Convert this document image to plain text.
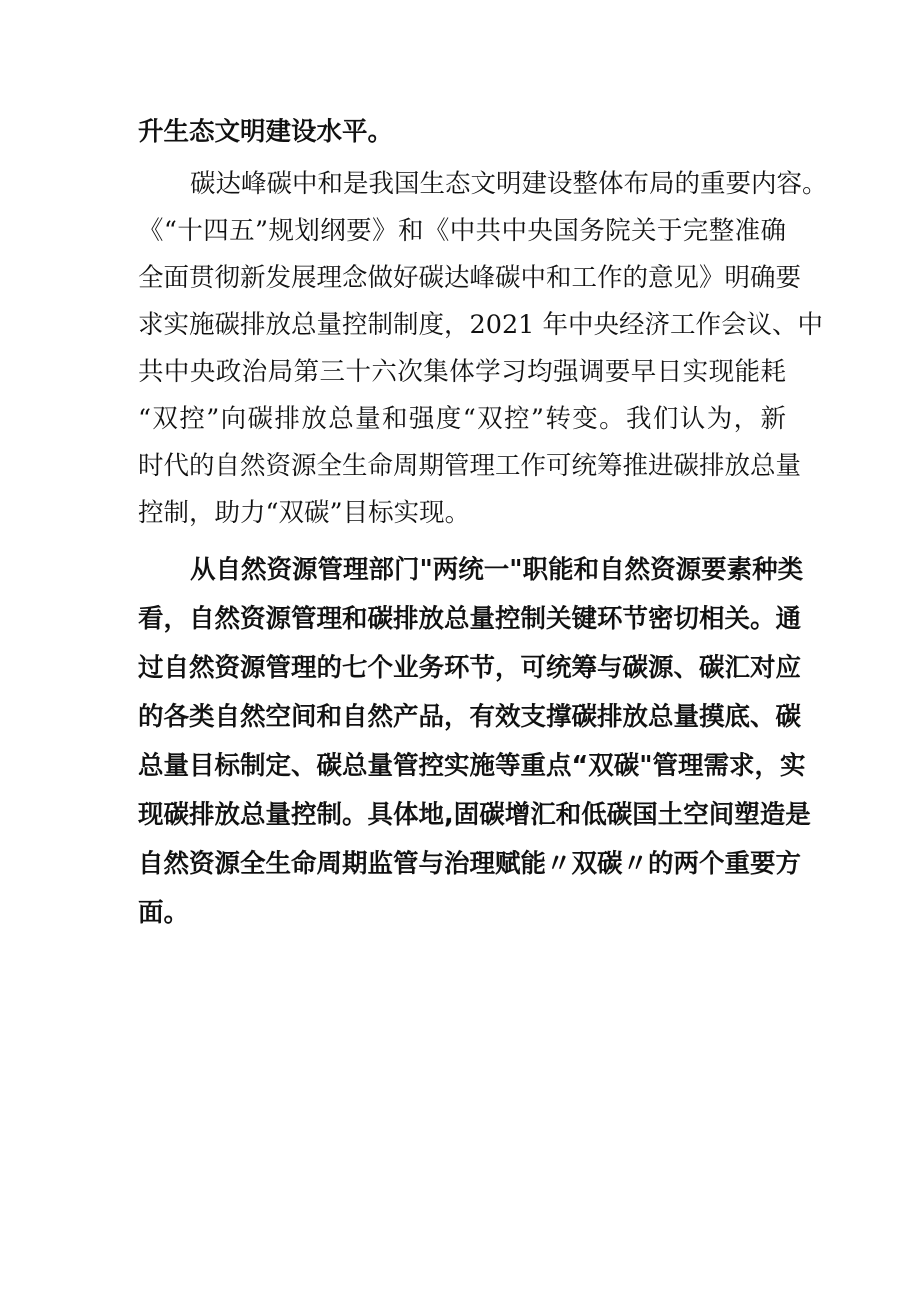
升生态文明建设水平。
碳达峰碳中和是我国生态文明建设整体布局的重要内容。
《“十四五”规划纲要》和《中共中央国务院关于完整准确
全面贯彻新发展理念做好碳达峰碳中和工作的意见》明确要
求实施碳排放总量控制制度，2021 年中央经济工作会议、中
共中央政治局第三十六次集体学习均强调要早日实现能耗
“双控”向碳排放总量和强度“双控”转变。我们认为，新
时代的自然资源全生命周期管理工作可统筹推进碳排放总量
控制，助力“双碳”目标实现。
从自然资源管理部门"两统一"职能和自然资源要素种类
看，自然资源管理和碳排放总量控制关键环节密切相关。通
过自然资源管理的七个业务环节，可统筹与碳源、碳汇对应
的各类自然空间和自然产品，有效支撑碳排放总量摸底、碳
总量目标制定、碳总量管控实施等重点“双碳"管理需求，实
现碳排放总量控制。具体地,固碳增汇和低碳国土空间塑造是
自然资源全生命周期监管与治理赋能〃双碳〃的两个重要方
面。
